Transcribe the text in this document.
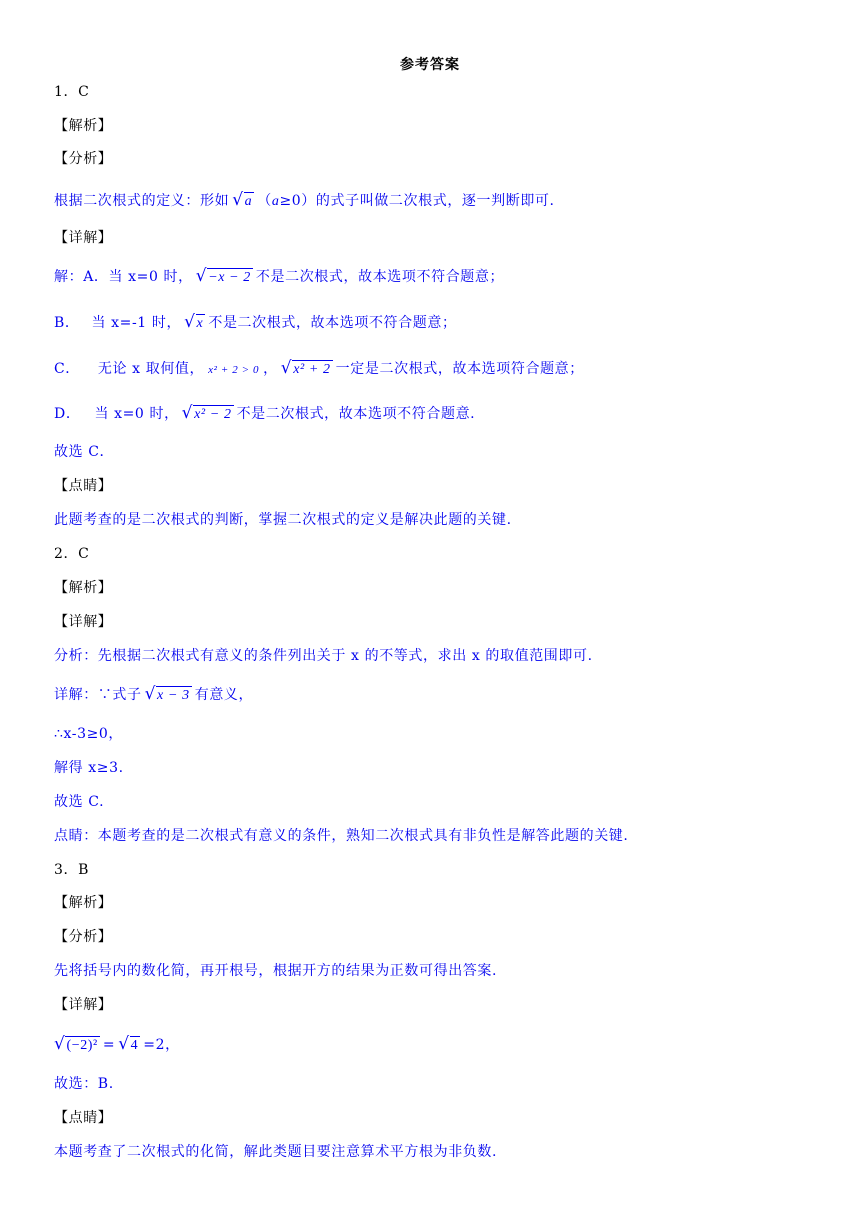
参考答案
1．C
【解析】
【分析】
根据二次根式的定义：形如 √a （a≥0）的式子叫做二次根式，逐一判断即可.
【详解】
解：A．当 x=0 时， √−x − 2 不是二次根式，故本选项不符合题意；
B． 当 x=-1 时， √x 不是二次根式，故本选项不符合题意；
C． 无论 x 取何值， x² + 2 > 0 ， √x² + 2 一定是二次根式，故本选项符合题意；
D． 当 x=0 时， √x² − 2 不是二次根式，故本选项不符合题意.
故选 C．
【点睛】
此题考查的是二次根式的判断，掌握二次根式的定义是解决此题的关键.
2．C
【解析】
【详解】
分析：先根据二次根式有意义的条件列出关于 x 的不等式，求出 x 的取值范围即可.
详解：∵式子 √x − 3 有意义，
∴x-3≥0，
解得 x≥3.
故选 C.
点睛：本题考查的是二次根式有意义的条件，熟知二次根式具有非负性是解答此题的关键.
3．B
【解析】
【分析】
先将括号内的数化简，再开根号，根据开方的结果为正数可得出答案.
【详解】
√(−2)² = √4 =2，
故选：B.
【点睛】
本题考查了二次根式的化简，解此类题目要注意算术平方根为非负数.
